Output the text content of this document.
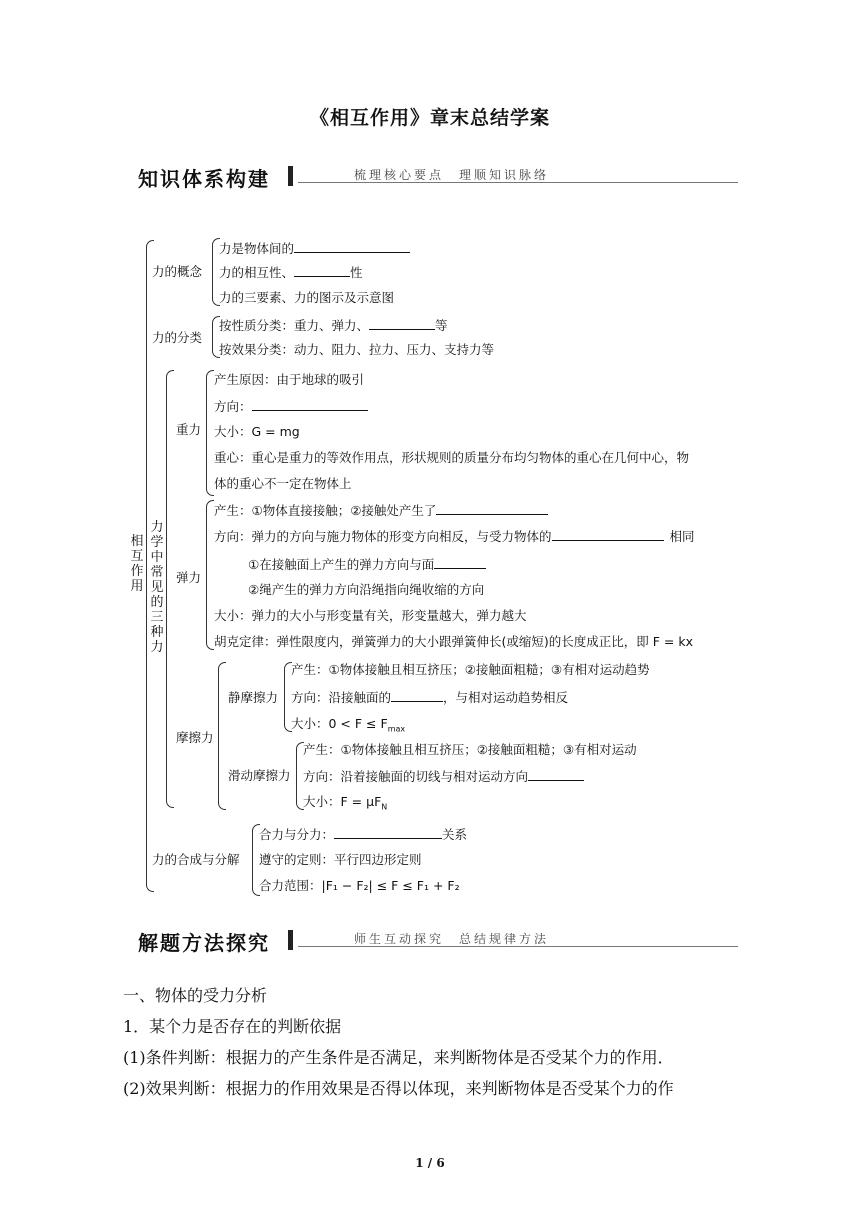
《相互作用》章末总结学案
知识体系构建	梳理核心要点　理顺知识脉络
相互作用
力的概念
力是物体间的
力的相互性、	性
力的三要素、力的图示及示意图
力的分类
按性质分类：重力、弹力、	等
按效果分类：动力、阻力、拉力、压力、支持力等
力学中常见的三种力
重力
产生原因：由于地球的吸引
方向：
大小：G = mg
重心：重心是重力的等效作用点，形状规则的质量分布均匀物体的重心在几何中心，物
体的重心不一定在物体上
弹力
产生：①物体直接接触；②接触处产生了
方向：弹力的方向与施力物体的形变方向相反，与受力物体的	相同
①在接触面上产生的弹力方向与面
②绳产生的弹力方向沿绳指向绳收缩的方向
大小：弹力的大小与形变量有关，形变量越大，弹力越大
胡克定律：弹性限度内，弹簧弹力的大小跟弹簧伸长(或缩短)的长度成正比，即 F = kx
摩擦力
静摩擦力
产生：①物体接触且相互挤压；②接触面粗糙；③有相对运动趋势
方向：沿接触面的	，与相对运动趋势相反
大小：$0 < F \le F_{max}$
滑动摩擦力
产生：①物体接触且相互挤压；②接触面粗糙；③有相对运动
方向：沿着接触面的切线与相对运动方向
大小：$F = \mu F_N$
力的合成与分解
合力与分力：	关系
遵守的定则：平行四边形定则
合力范围：|F₁ − F₂| ≤ F ≤ F₁ + F₂
解题方法探究	师生互动探究　总结规律方法
一、物体的受力分析
1．某个力是否存在的判断依据
(1)条件判断：根据力的产生条件是否满足，来判断物体是否受某个力的作用．
(2)效果判断：根据力的作用效果是否得以体现，来判断物体是否受某个力的作
1 / 6
